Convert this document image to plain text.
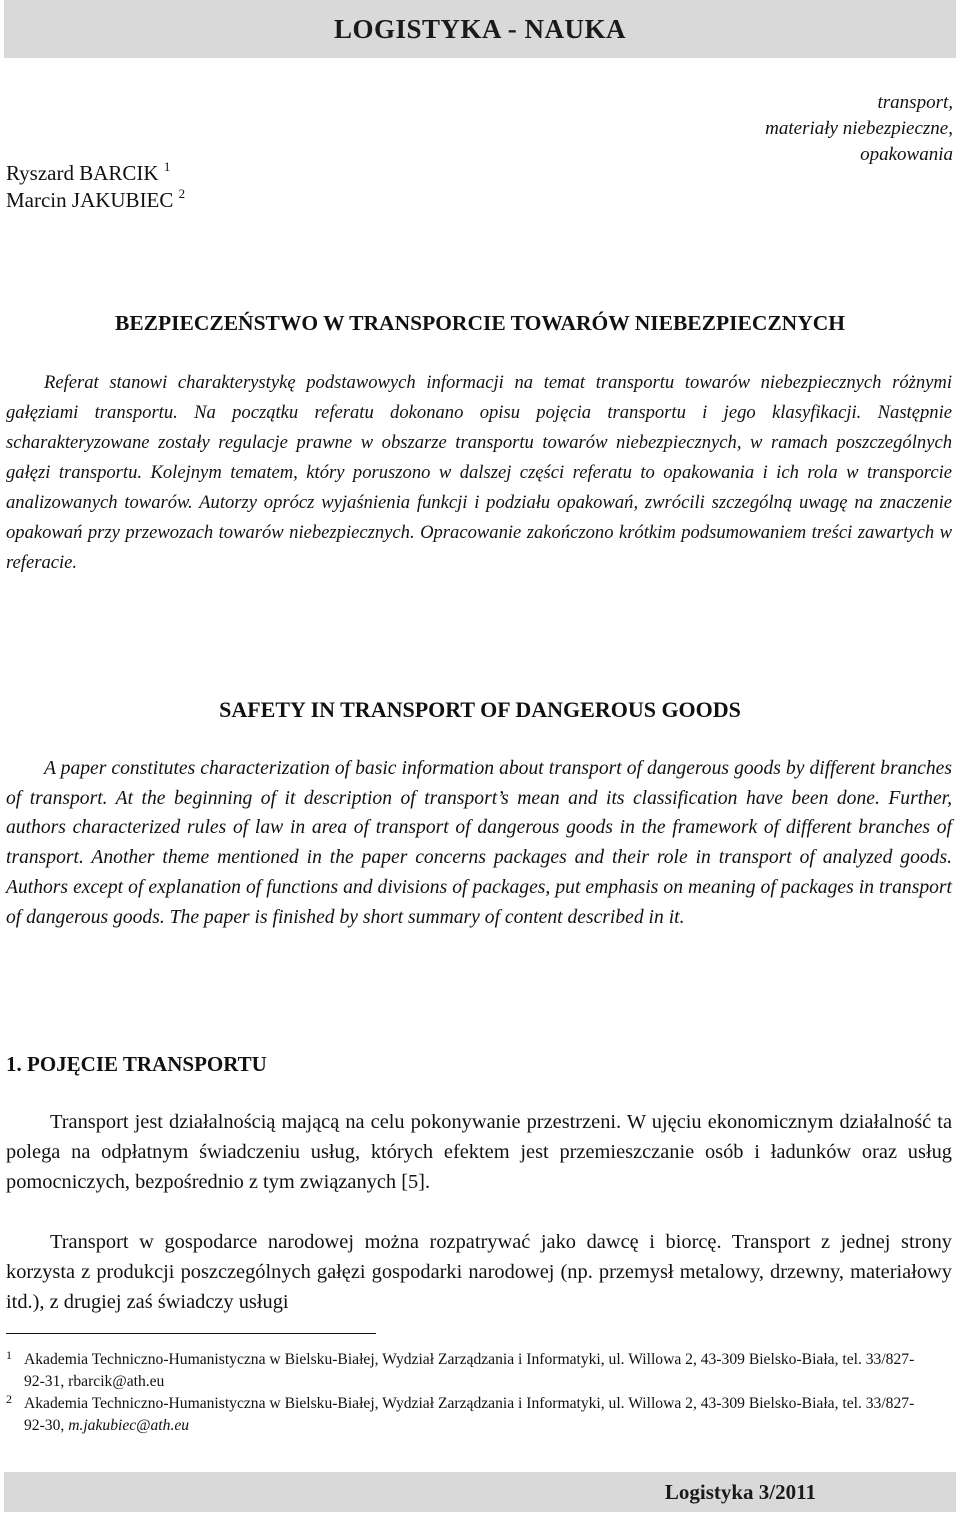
LOGISTYKA - NAUKA
transport,
materiały niebezpieczne,
opakowania
Ryszard BARCIK $^1$
Marcin JAKUBIEC $^2$
BEZPIECZEŃSTWO W TRANSPORCIE TOWARÓW NIEBEZPIECZNYCH

Referat stanowi charakterystykę podstawowych informacji na temat transportu towarów niebezpiecznych różnymi gałęziami transportu. Na początku referatu dokonano opisu pojęcia transportu i jego klasyfikacji. Następnie scharakteryzowane zostały regulacje prawne w obszarze transportu towarów niebezpiecznych, w ramach poszczególnych gałęzi transportu. Kolejnym tematem, który poruszono w dalszej części referatu to opakowania i ich rola w transporcie analizowanych towarów. Autorzy oprócz wyjaśnienia funkcji i podziału opakowań, zwrócili szczególną uwagę na znaczenie opakowań przy przewozach towarów niebezpiecznych. Opracowanie zakończono krótkim podsumowaniem treści zawartych w referacie.

SAFETY IN TRANSPORT OF DANGEROUS GOODS

A paper constitutes characterization of basic information about transport of dangerous goods by different branches of transport. At the beginning of it description of transport’s mean and its classification have been done. Further, authors characterized rules of law in area of transport of dangerous goods in the framework of different branches of transport. Another theme mentioned in the paper concerns packages and their role in transport of analyzed goods. Authors except of explanation of functions and divisions of packages, put emphasis on meaning of packages in transport of dangerous goods. The paper is finished by short summary of content described in it.

1. POJĘCIE TRANSPORTU

Transport jest działalnością mającą na celu pokonywanie przestrzeni. W ujęciu ekonomicznym działalność ta polega na odpłatnym świadczeniu usług, których efektem jest przemieszczanie osób i ładunków oraz usług pomocniczych, bezpośrednio z tym związanych [5].

Transport w gospodarce narodowej można rozpatrywać jako dawcę i biorcę. Transport z jednej strony korzysta z produkcji poszczególnych gałęzi gospodarki narodowej (np. przemysł metalowy, drzewny, materiałowy itd.), z drugiej zaś świadczy usługi

1 Akademia Techniczno-Humanistyczna w Bielsku-Białej, Wydział Zarządzania i Informatyki, ul. Willowa 2, 43-309 Bielsko-Biała, tel. 33/827-92-31, rbarcik@ath.eu
2 Akademia Techniczno-Humanistyczna w Bielsku-Białej, Wydział Zarządzania i Informatyki, ul. Willowa 2, 43-309 Bielsko-Biała, tel. 33/827-92-30, m.jakubiec@ath.eu
Logistyka 3/2011
